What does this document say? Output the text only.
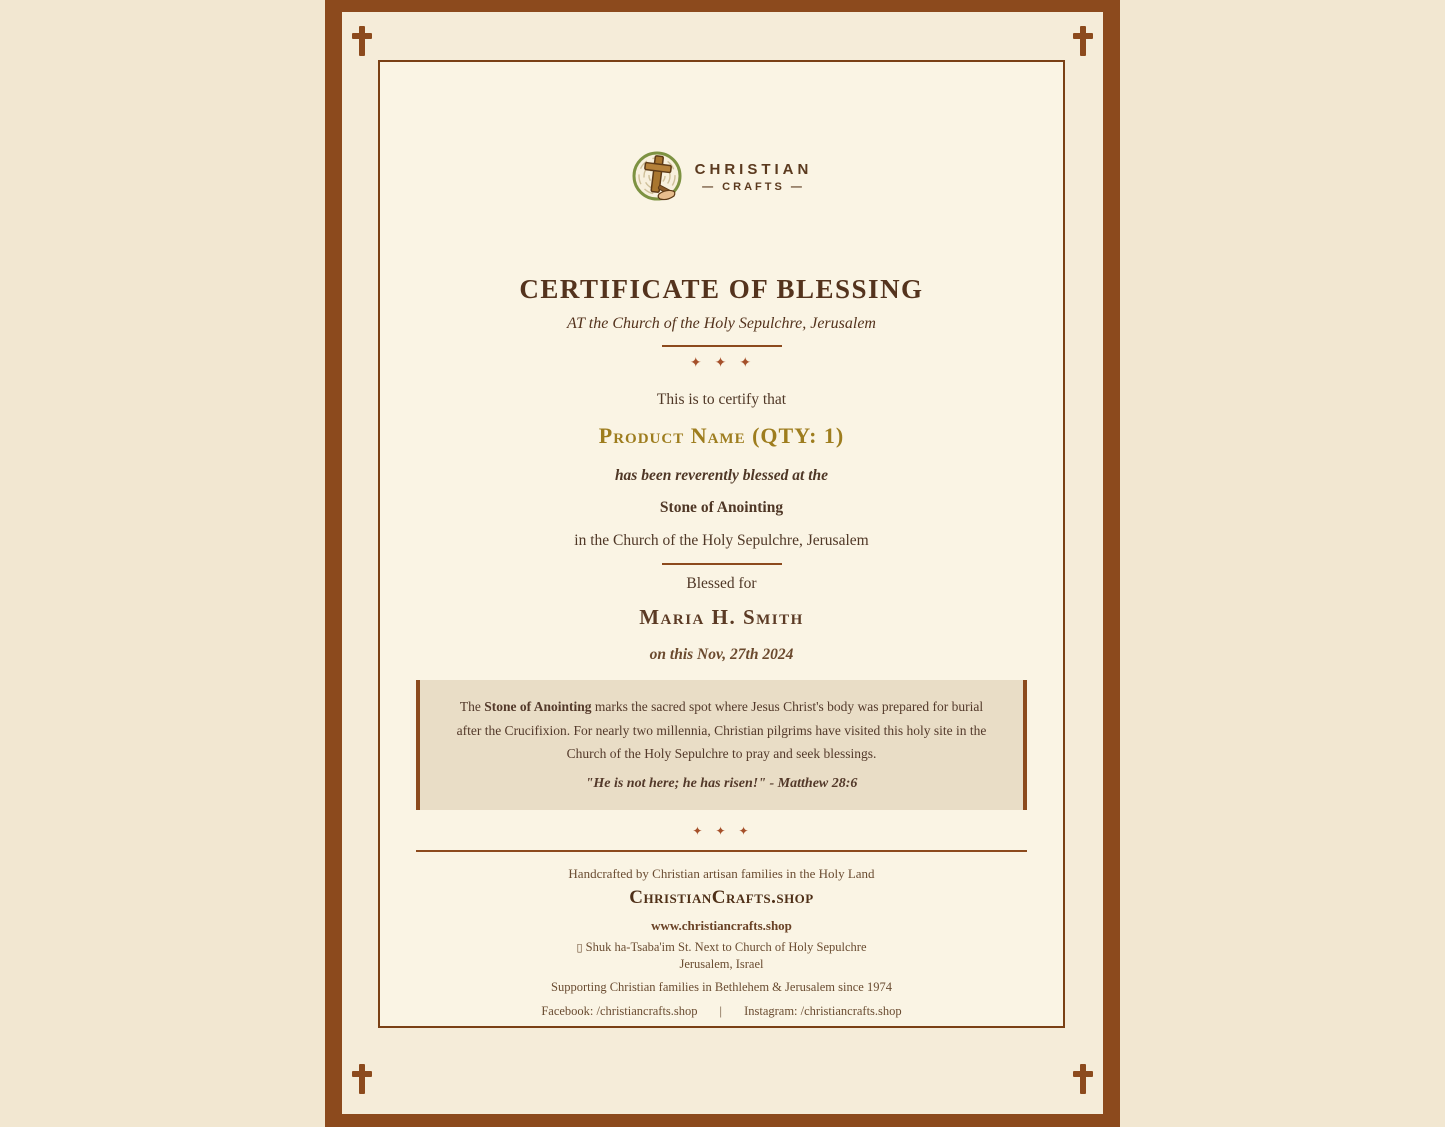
CHRISTIAN
— CRAFTS —
CERTIFICATE OF BLESSING
AT the Church of the Holy Sepulchre, Jerusalem
✦ ✦ ✦
This is to certify that
Product Name (QTY: 1)
has been reverently blessed at the
Stone of Anointing
in the Church of the Holy Sepulchre, Jerusalem
Blessed for
Maria H. Smith
on this Nov, 27th 2024

The Stone of Anointing marks the sacred spot where Jesus Christ's body was prepared for burial after the Crucifixion. For nearly two millennia, Christian pilgrims have visited this holy site in the Church of the Holy Sepulchre to pray and seek blessings.

"He is not here; he has risen!" - Matthew 28:6
✦ ✦ ✦
Handcrafted by Christian artisan families in the Holy Land
ChristianCrafts.shop
www.christiancrafts.shop
▯ Shuk ha-Tsaba'im St. Next to Church of Holy Sepulchre
Jerusalem, Israel
Supporting Christian families in Bethlehem & Jerusalem since 1974
Facebook: /christiancrafts.shop | Instagram: /christiancrafts.shop
